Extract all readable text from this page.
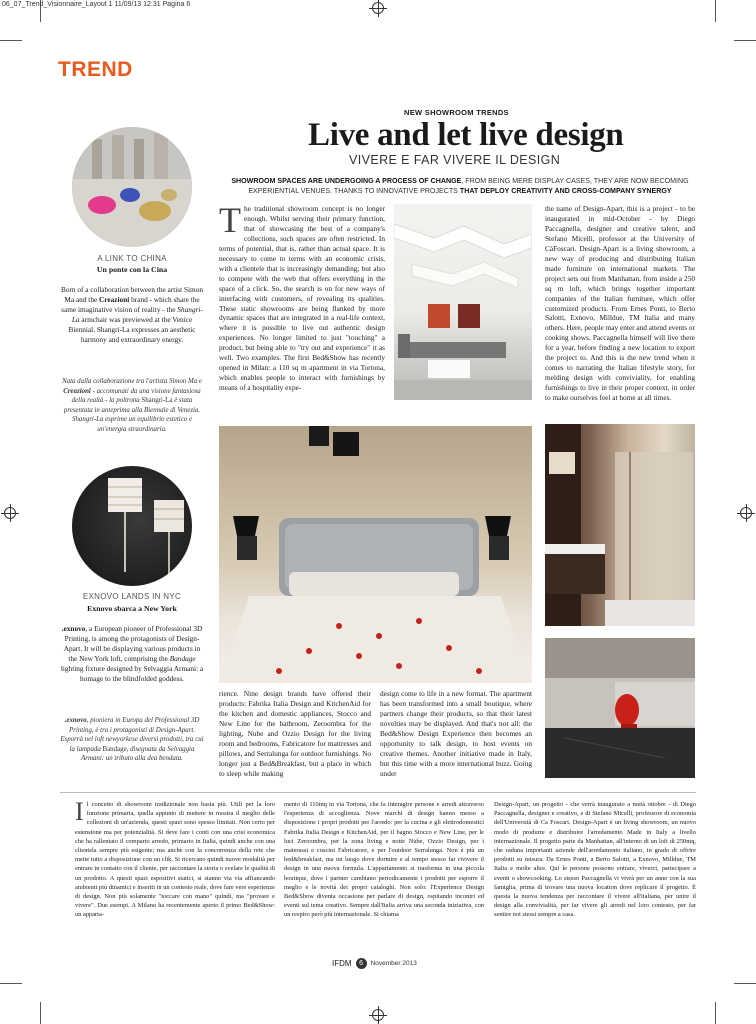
06_07_Trend_Visionnaire_Layout 1 11/09/13 12:31 Pagina 6
TREND
NEW SHOWROOM TRENDS
Live and let live design
VIVERE E FAR VIVERE IL DESIGN
SHOWROOM SPACES ARE UNDERGOING A PROCESS OF CHANGE, FROM BEING MERE DISPLAY CASES, THEY ARE NOW BECOMING EXPERIENTIAL VENUES. THANKS TO INNOVATIVE PROJECTS THAT DEPLOY CREATIVITY AND CROSS-COMPANY SYNERGY
A LINK TO CHINA
Un ponte con la Cina
Born of a collaboration between the artist Simon Ma and the Creazioni brand - which share the same imaginative vision of reality - the Shangri-La armchair was previewed at the Venice Biennial. Shangri-La expresses an aesthetic harmony and extraordinary energy.
Nata dalla collaborazione tra l'artista Simon Ma e Creazioni - accomunati da una visione fantasiosa della realtà - la poltrona Shangri-La è stata presentata in anteprima alla Biennale di Venezia. Shangri-La esprime un equilibrio estetico e un'energia straordinaria.
EXNOVO LANDS IN NYC
Exnovo sbarca a New York
.exnovo, a European pioneer of Professional 3D Printing, is among the protagonists of Design-Apart. It will be displaying various products in the New York loft, comprising the Bandage lighting fixture designed by Selvaggia Armani: a homage to the blindfolded goddess.
.exnovo, pioniera in Europa del Professional 3D Printing, è tra i protagonisti di Design-Apart. Esporrà nel loft newyorkese diversi prodotti, tra cui la lampada Bandage, disegnata da Selvaggia Armani: un tributo alla dea bendata.
The traditional showroom concept is no longer enough. Whilst serving their primary function, that of showcasing the best of a company's collections, such spaces are often restricted. In terms of potential, that is, rather than actual space. It is necessary to come to terms with an economic crisis, with a clientele that is increasingly demanding; but also to compete with the web that offers everything in the space of a click. So, the search is on for new ways of interfacing with customers, of revealing its qualities. These static showrooms are being flanked by more dynamic spaces that are integrated in a real-life context, where it is possible to live out authentic design experiences. No longer limited to just "touching" a product, but being able to "try out and experience" it as well. Two examples. The first Bed&Show has recently opened in Milan: a 110 sq m apartment in via Tortona, which enables people to interact with furnishings by means of a hospitality expe-
the name of Design-Apart, this is a project - to be inaugurated in mid-October - by Diego Paccagnella, designer and creative talent, and Stefano Micelli, professor at the University of CàFoscari. Design-Apart is a living showroom, a new way of producing and distributing Italian made furniture on international markets. The project sets out from Manhattan, from inside a 250 sq m loft, which brings together important companies of the Italian furniture, which offer customized products. From Ernes Ponti, to Berto Salotti, Exnovo, Milldue, TM Italia and many others. Here, people may enter and attend events or cooking shows. Paccagnella himself will live there for a year, before finding a new location to export the project to. And this is the new trend when it comes to narrating the Italian lifestyle story, for melding design with conviviality, for enabling furnishings to live in their proper context, in order to make ourselves feel at home at all times.
rience. Nine design brands have offered their products: Fabrika Italia Design and KitchenAid for the kitchen and domestic appliances, Stocco and New Line for the bathroom, Zeroombra for the lighting, Nube and Ozzio Design for the living room and bedrooms, Fabricatore for mattresses and pillows, and Serralunga for outdoor furnishings. No longer just a Bed&Breakfast, but a place in which to sleep while making
design come to life in a new format. The apartment has been transformed into a small boutique, where partners change their products, so that their latest novelties may be displayed. And that's not all: the Bed&Show Design Experience then becomes an opportunity to talk design, to host events on creative themes. Another initiative made in Italy, but this time with a more international buzz. Going under
Il concetto di showroom tradizionale non basta più. Utili per la loro funzione primaria, quella appunto di mettere in mostra il meglio delle collezioni di un'azienda, questi spazi sono spesso limitati. Non certo per estensione ma per potenzialità. Si deve fare i conti con una crisi economica che ha rallentato il comparto arredo, primario in Italia, quindi anche con una clientela sempre più esigente; ma anche con la concorrenza della rete che mette tutto a disposizione con un clik. Si ricercano quindi nuove modalità per entrare in contatto con il cliente, per raccontare la storia o svelare le qualità di un prodotto. A questi spazi espositivi statici, si stanno via via affiancando ambienti più dinamici e inseriti in un contesto reale, dove fare vere esperienze di design. Non più solamente "toccare con mano" quindi, ma "provare e vivere". Due esempi. A Milano ha recentemente aperto il primo Bed&Show: un apparta-
mento di 110mq in via Tortona, che fa interagire persone e arredi attraverso l'esperienza di accoglienza. Nove marchi di design hanno messo a disposizione i propri prodotti per l'arredo: per la cucina e gli elettrodomestici Fabrika Italia Design e KitchenAid, per il bagno Stocco e New Line, per le luci Zeroombra, per la zona living e notte Nube, Ozzio Design, per i materassi e cuscini Fabricatore, e per l'outdoor Serralunga. Non è più un bed&breakfast, ma un luogo dove dormire e al tempo stesso far rivivere il design in una nuova formula. L'appartamento si trasforma in una piccola boutique, dove i partner cambiano periodicamente i prodotti per esporre il meglio e le novità dei propri cataloghi. Non solo: l'Experience Design Bed&Show diventa occasione per parlare di design, ospitando incontri ed eventi sul tema creativo. Sempre dall'Italia arriva una seconda iniziativa, con un respiro però più internazionale. Si chiama
Design-Apart, un progetto - che verrà inaugurato a metà ottobre - di Diego Paccagnella, designer e creativo, e di Stefano Micelli, professore di economia dell'Università di Ca Foscari. Design-Apart è un living showroom, un nuovo modo di produrre e distribuire l'arredamento Made in Italy a livello internazionale. Il progetto parte da Manhattan, all'interno di un loft di 250mq, che raduna importanti aziende dell'arredamento italiano, in grado di offrire prodotti su misura. Da Ernes Ponti, a Berto Salotti, a Exnovo, Milldue, TM Italia e molte altre. Qui le persone possono entrare, viverci, partecipare a eventi o showcooking. Lo stesso Paccagnella vi vivrà per un anno con la sua famiglia, prima di trovare una nuova location dove replicare il progetto. È questa la nuova tendenza per raccontare il vivere all'italiana, per unire il design alla convivialità, per far vivere gli arredi nel loro contesto, per far sentire noi stessi sempre a casa.
IFDM	6	November 2013
